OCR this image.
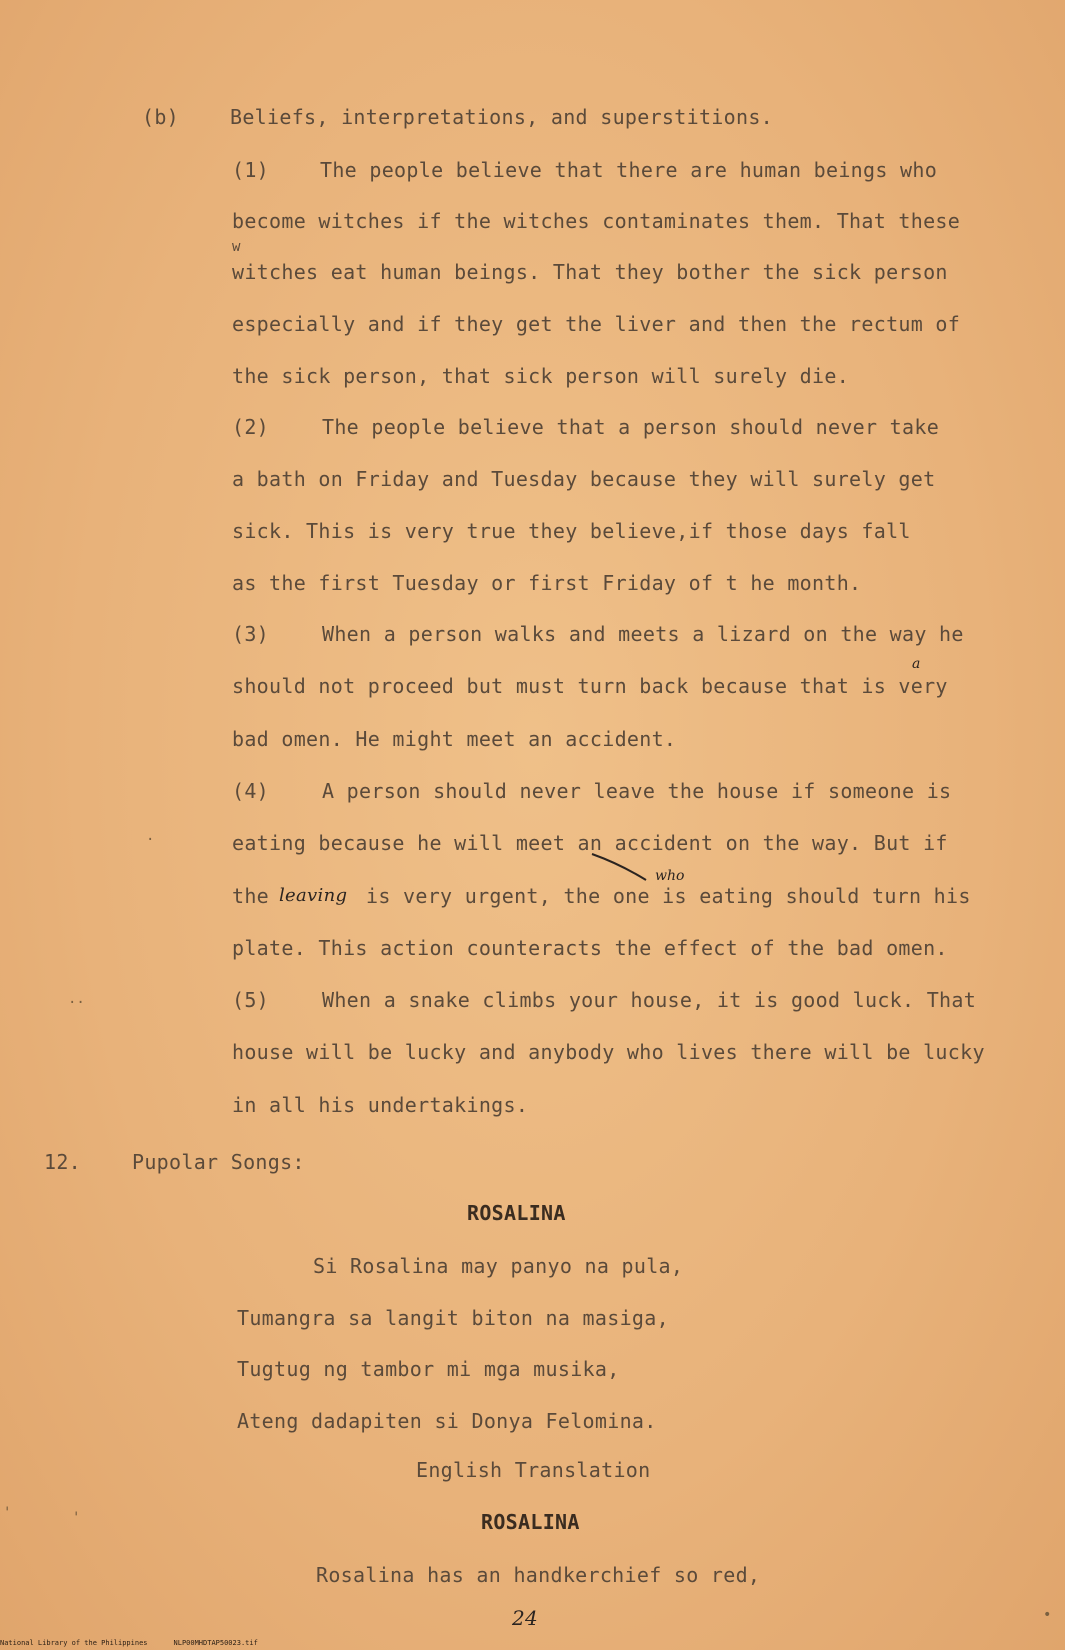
(b)	Beliefs, interpretations, and superstitions.
(1)	The people believe that there are human beings who
become witches if the witches contaminates them. That these
w
witches eat human beings. That they bother the sick person
especially and if they get the liver and then the rectum of
the sick person, that sick person will surely die.
(2)	The people believe that a person should never take
a bath on Friday and Tuesday because they will surely get
sick. This is very true they believe,if those days fall
as the first Tuesday or first Friday of t he month.
(3)	When a person walks and meets a lizard on the way he
a
should not proceed but must turn back because that is very
bad omen. He might meet an accident.
(4)	A person should never leave the house if someone is
eating because he will meet an accident on the way. But if
who
the leaving is very urgent, the one is eating should turn his
plate. This action counteracts the effect of the bad omen.
(5)	When a snake climbs your house, it is good luck. That
house will be lucky and anybody who lives there will be lucky
in all his undertakings.
12.	Pupolar Songs:
ROSALINA
Si Rosalina may panyo na pula,
Tumangra sa langit biton na masiga,
Tugtug ng tambor mi mga musika,
Ateng dadapiten si Donya Felomina.
English Translation
ROSALINA
Rosalina has an handkerchief so red,
24
·
··
'	'
•
National Library of the Philippines	NLP00MHDTAP50023.tif
